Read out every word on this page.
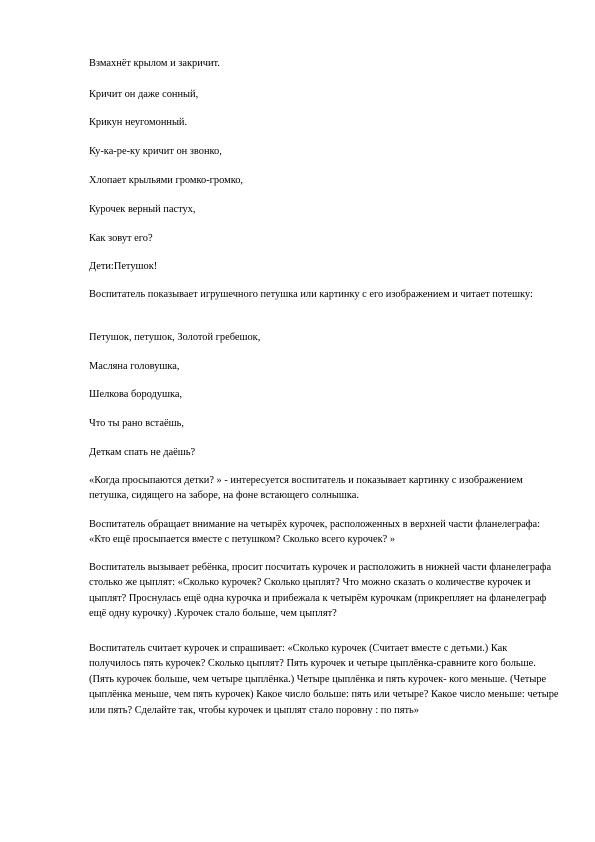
Взмахнёт крылом и закричит.

Кричит он даже сонный,

Крикун неугомонный.

Ку-ка-ре-ку кричит он звонко,

Хлопает крыльями громко-громко,

Курочек верный пастух,

Как зовут его?

Дети:Петушок!

Воспитатель показывает игрушечного петушка или картинку с его изображением и читает потешку:

Петушок, петушок, Золотой гребешок,

Масляна головушка,

Шелкова бородушка,

Что ты рано встаёшь,

Деткам спать не даёшь?

«Когда просыпаются детки? » - интересуется воспитатель и показывает картинку с изображением петушка, сидящего на заборе, на фоне встающего солнышка.

Воспитатель обращает внимание на четырёх курочек, расположенных в верхней части фланелеграфа: «Кто ещё просыпается вместе с петушком? Сколько всего курочек? »

Воспитатель вызывает ребёнка, просит посчитать курочек и расположить в нижней части фланелеграфа столько же цыплят: «Сколько курочек? Сколько цыплят? Что можно сказать о количестве курочек и цыплят? Проснулась ещё одна курочка и прибежала к четырём курочкам (прикрепляет на фланелеграф ещё одну курочку) .Курочек стало больше, чем цыплят?

Воспитатель считает курочек и спрашивает: «Сколько курочек (Считает вместе с детьми.) Как получилось пять курочек? Сколько цыплят? Пять курочек и четыре цыплёнка-сравните кого больше. (Пять курочек больше, чем четыре цыплёнка.) Четыре цыплёнка и пять курочек- кого меньше. (Четыре цыплёнка меньше, чем пять курочек) Какое число больше: пять или четыре? Какое число меньше: четыре или пять? Сделайте так, чтобы курочек и цыплят стало поровну : по пять»
